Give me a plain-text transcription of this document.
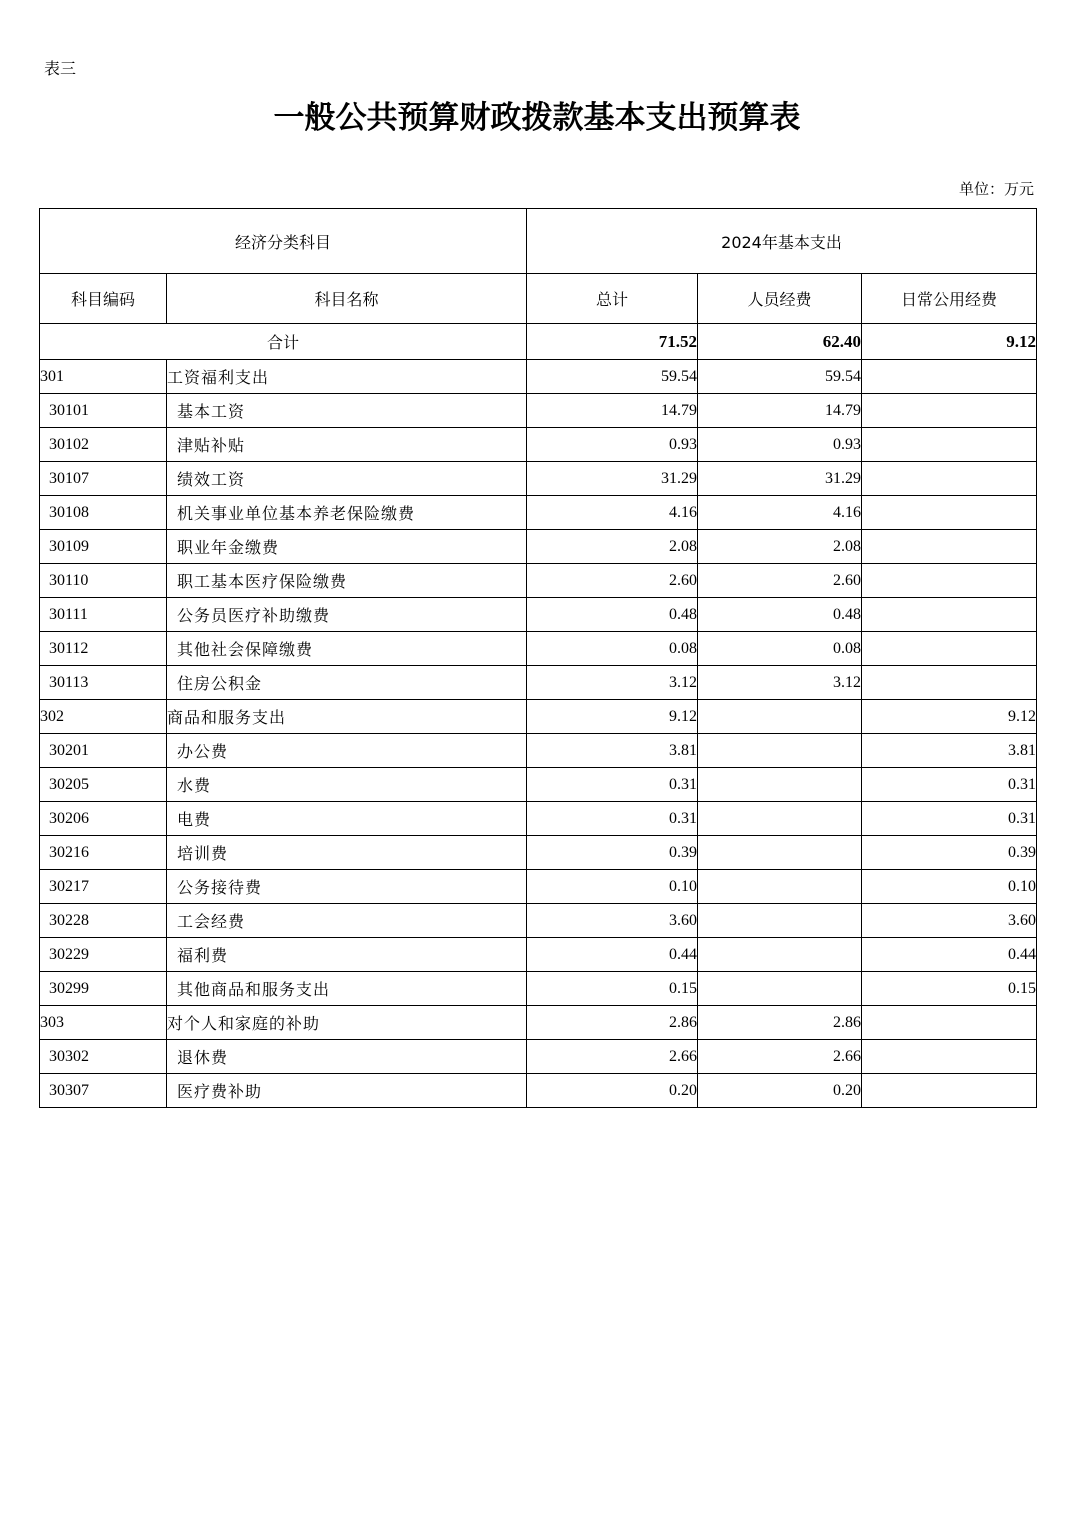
表三
一般公共预算财政拨款基本支出预算表
单位：万元
经济分类科目		2024年基本支出		
科目编码	科目名称	总计	人员经费	日常公用经费
合计		71.52	62.40	9.12
301	工资福利支出	59.54	59.54	
30101	基本工资	14.79	14.79	
30102	津贴补贴	0.93	0.93	
30107	绩效工资	31.29	31.29	
30108	机关事业单位基本养老保险缴费	4.16	4.16	
30109	职业年金缴费	2.08	2.08	
30110	职工基本医疗保险缴费	2.60	2.60	
30111	公务员医疗补助缴费	0.48	0.48	
30112	其他社会保障缴费	0.08	0.08	
30113	住房公积金	3.12	3.12	
302	商品和服务支出	9.12		9.12
30201	办公费	3.81		3.81
30205	水费	0.31		0.31
30206	电费	0.31		0.31
30216	培训费	0.39		0.39
30217	公务接待费	0.10		0.10
30228	工会经费	3.60		3.60
30229	福利费	0.44		0.44
30299	其他商品和服务支出	0.15		0.15
303	对个人和家庭的补助	2.86	2.86	
30302	退休费	2.66	2.66	
30307	医疗费补助	0.20	0.20	
